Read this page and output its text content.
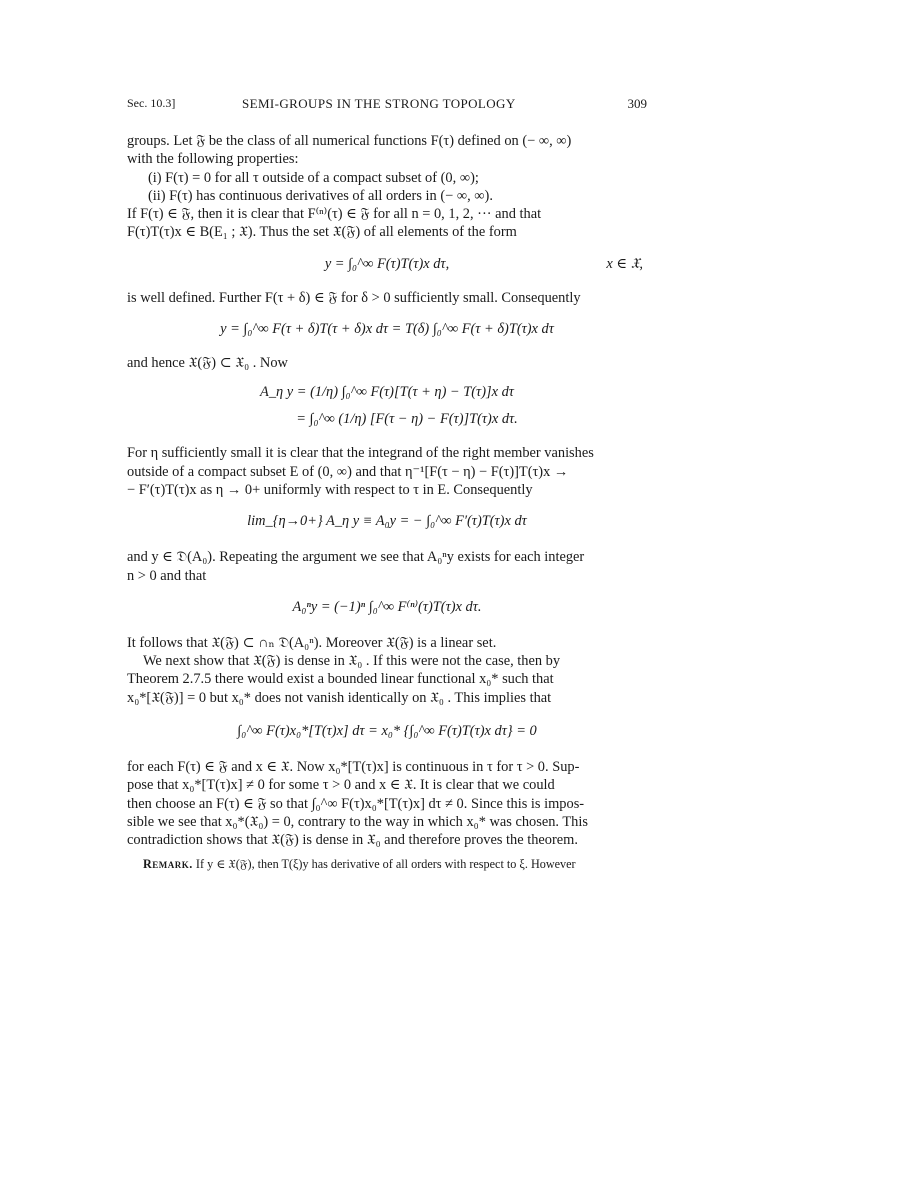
Sec. 10.3]	SEMI-GROUPS IN THE STRONG TOPOLOGY	309

groups. Let 𝔉 be the class of all numerical functions F(τ) defined on (− ∞, ∞)

with the following properties:

(i) F(τ) = 0 for all τ outside of a compact subset of (0, ∞);

(ii) F(τ) has continuous derivatives of all orders in (− ∞, ∞).

If F(τ) ∈ 𝔉, then it is clear that F⁽ⁿ⁾(τ) ∈ 𝔉 for all n = 0, 1, 2, ··· and that

F(τ)T(τ)x ∈ B(E₁ ; 𝔛). Thus the set 𝔛(𝔉) of all elements of the form

y = ∫₀^∞ F(τ)T(τ)x dτ,	x ∈ 𝔛,

is well defined. Further F(τ + δ) ∈ 𝔉 for δ > 0 sufficiently small. Consequently

y = ∫₀^∞ F(τ + δ)T(τ + δ)x dτ = T(δ) ∫₀^∞ F(τ + δ)T(τ)x dτ

and hence 𝔛(𝔉) ⊂ 𝔛₀ . Now

A_η y = (1/η) ∫₀^∞ F(τ)[T(τ + η) − T(τ)]x dτ
= ∫₀^∞ (1/η) [F(τ − η) − F(τ)]T(τ)x dτ.

For η sufficiently small it is clear that the integrand of the right member vanishes

outside of a compact subset E of (0, ∞) and that η⁻¹[F(τ − η) − F(τ)]T(τ)x →

− F′(τ)T(τ)x as η → 0+ uniformly with respect to τ in E. Consequently

lim_{η→0+} A_η y ≡ A₀y = − ∫₀^∞ F′(τ)T(τ)x dτ

and y ∈ 𝔇(A₀). Repeating the argument we see that A₀ⁿy exists for each integer

n > 0 and that

A₀ⁿy = (−1)ⁿ ∫₀^∞ F⁽ⁿ⁾(τ)T(τ)x dτ.

It follows that 𝔛(𝔉) ⊂ ∩ₙ 𝔇(A₀ⁿ). Moreover 𝔛(𝔉) is a linear set.

We next show that 𝔛(𝔉) is dense in 𝔛₀ . If this were not the case, then by

Theorem 2.7.5 there would exist a bounded linear functional x₀* such that

x₀*[𝔛(𝔉)] = 0 but x₀* does not vanish identically on 𝔛₀ . This implies that

∫₀^∞ F(τ)x₀*[T(τ)x] dτ = x₀* {∫₀^∞ F(τ)T(τ)x dτ} = 0

for each F(τ) ∈ 𝔉 and x ∈ 𝔛. Now x₀*[T(τ)x] is continuous in τ for τ > 0. Sup-

pose that x₀*[T(τ)x] ≠ 0 for some τ > 0 and x ∈ 𝔛. It is clear that we could

then choose an F(τ) ∈ 𝔉 so that ∫₀^∞ F(τ)x₀*[T(τ)x] dτ ≠ 0. Since this is impos-

sible we see that x₀*(𝔛₀) = 0, contrary to the way in which x₀* was chosen. This

contradiction shows that 𝔛(𝔉) is dense in 𝔛₀ and therefore proves the theorem.

Remark. If y ∈ 𝔛(𝔉), then T(ξ)y has derivative of all orders with respect to ξ. However
